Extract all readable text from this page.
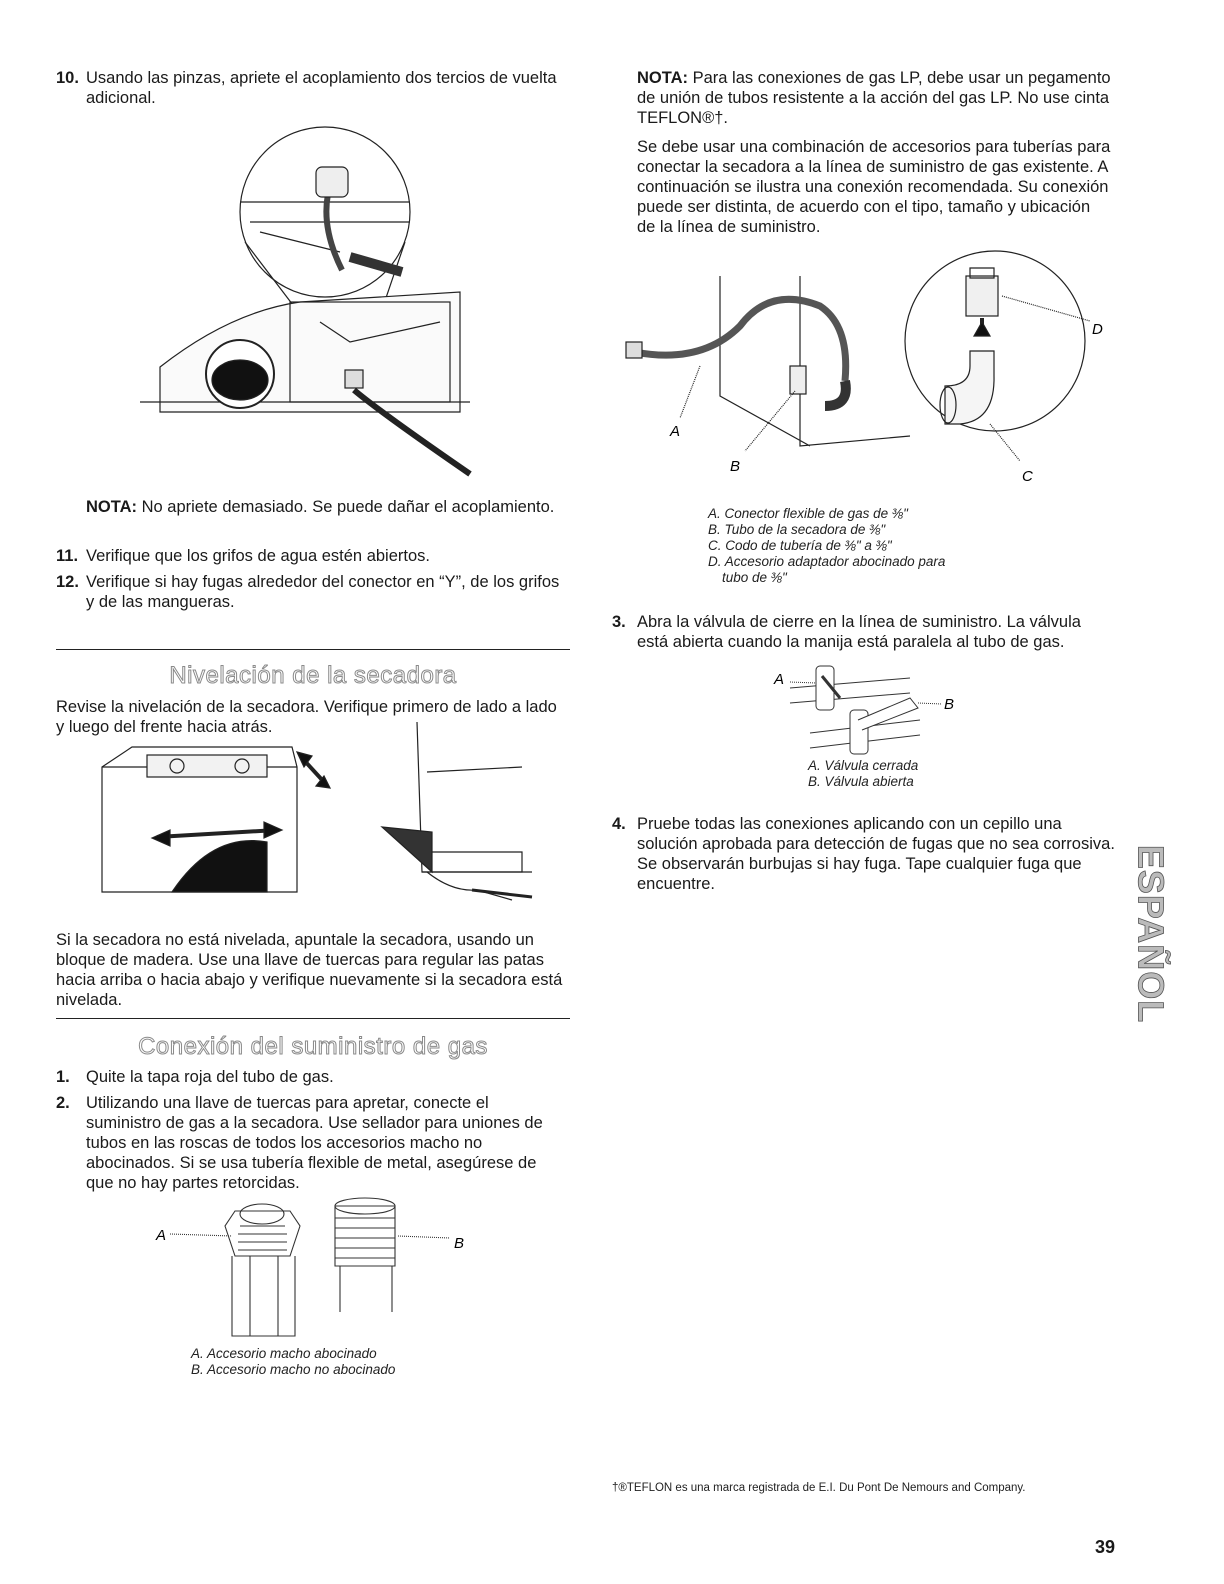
10. Usando las pinzas, apriete el acoplamiento dos tercios de vuelta adicional.

NOTA: No apriete demasiado. Se puede dañar el acoplamiento.

11. Verifique que los grifos de agua estén abiertos.
12. Verifique si hay fugas alrededor del conector en “Y”, de los grifos y de las mangueras.
Nivelación de la secadora

Revise la nivelación de la secadora. Verifique primero de lado a lado y luego del frente hacia atrás.

Si la secadora no está nivelada, apuntale la secadora, usando un bloque de madera. Use una llave de tuercas para regular las patas hacia arriba o hacia abajo y verifique nuevamente si la secadora está nivelada.

Conexión del suministro de gas
1. Quite la tapa roja del tubo de gas.
2. Utilizando una llave de tuercas para apretar, conecte el suministro de gas a la secadora. Use sellador para uniones de tubos en las roscas de todos los accesorios macho no abocinados. Si se usa tubería flexible de metal, asegúrese de que no hay partes retorcidas.
A	B
A. Accesorio macho abocinado
B. Accesorio macho no abocinado

NOTA: Para las conexiones de gas LP, debe usar un pegamento de unión de tubos resistente a la acción del gas LP. No use cinta TEFLON®†.

Se debe usar una combinación de accesorios para tuberías para conectar la secadora a la línea de suministro de gas existente. A continuación se ilustra una conexión recomendada. Su conexión puede ser distinta, de acuerdo con el tipo, tamaño y ubicación de la línea de suministro.

D
A
B
C
A. Conector flexible de gas de ⅜"
B. Tubo de la secadora de ⅜"
C. Codo de tubería de ⅜" a ⅜"
D. Accesorio adaptador abocinado para
tubo de ⅜"
3. Abra la válvula de cierre en la línea de suministro. La válvula está abierta cuando la manija está paralela al tubo de gas.
A
B
A. Válvula cerrada
B. Válvula abierta
4. Pruebe todas las conexiones aplicando con un cepillo una solución aprobada para detección de fugas que no sea corrosiva. Se observarán burbujas si hay fuga. Tape cualquier fuga que encuentre.	ESPAÑOL
†®TEFLON es una marca registrada de E.I. Du Pont De Nemours and Company.
39
